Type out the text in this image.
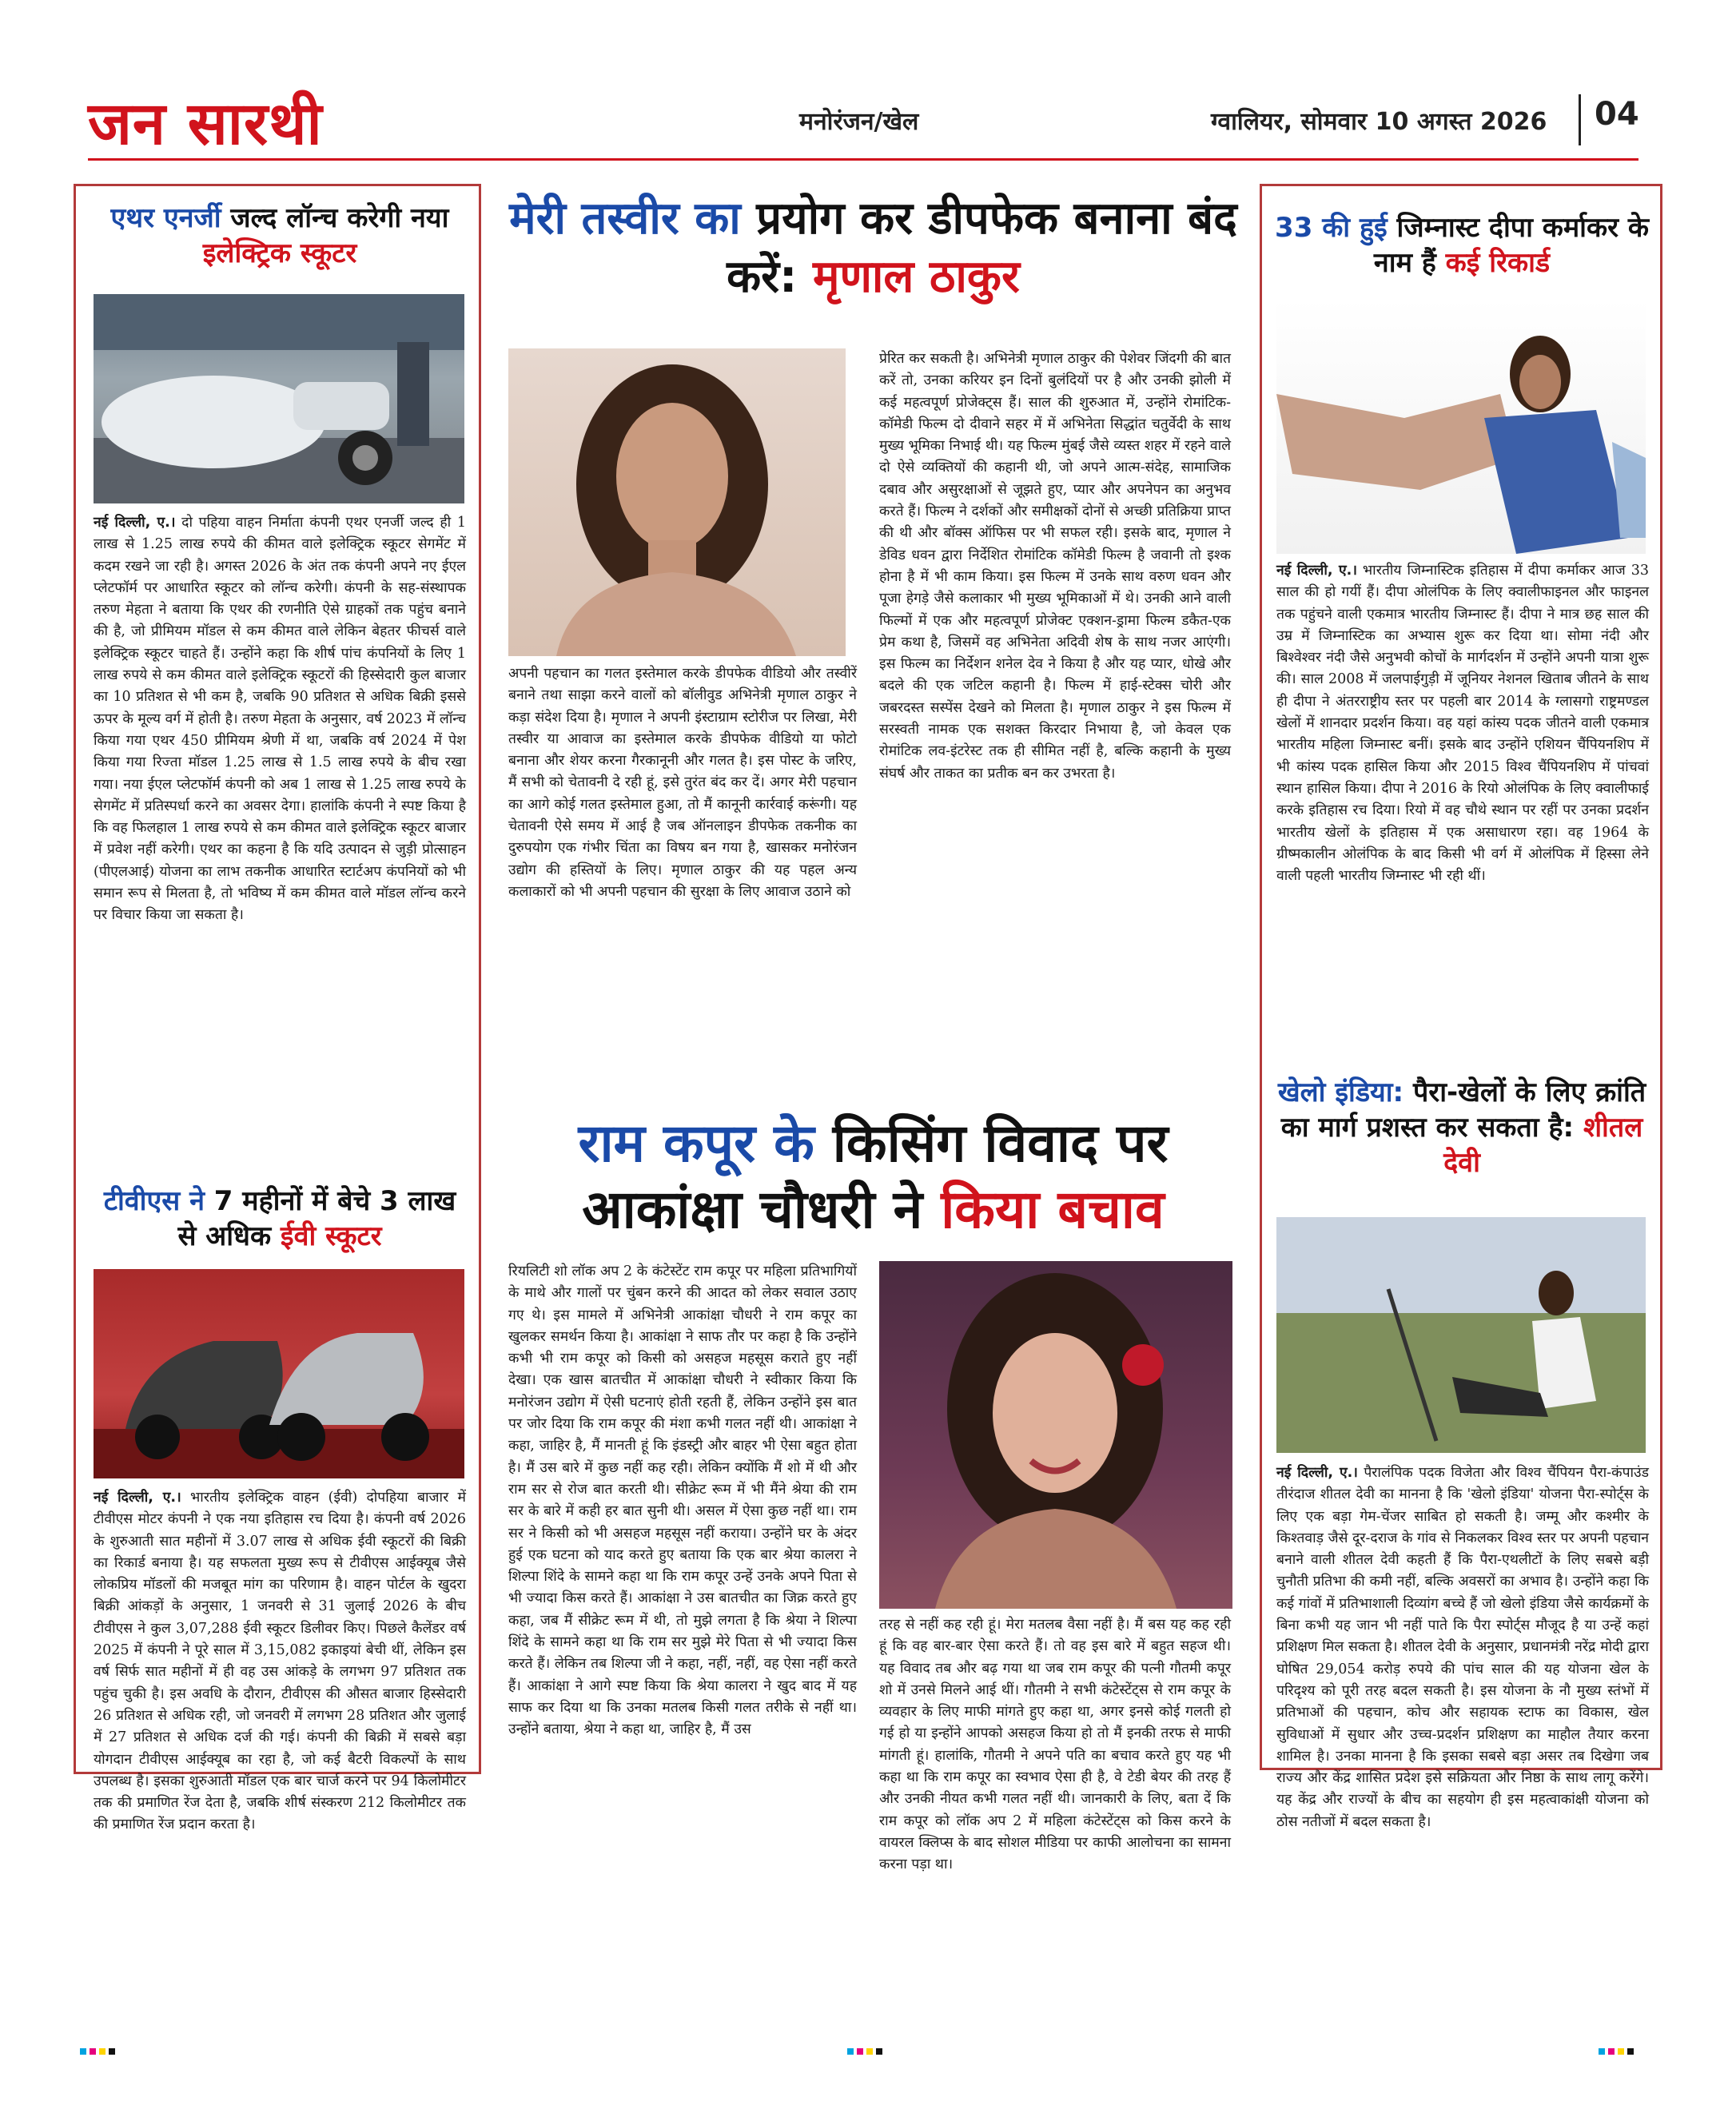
जन सारथी	मनोरंजन/खेल	ग्वालियर, सोमवार 10 अगस्त 2026 04
एथर एनर्जी जल्द लॉन्च करेगी नया इलेक्ट्रिक स्कूटर
नई दिल्ली, ए.। दो पहिया वाहन निर्माता कंपनी एथर एनर्जी जल्द ही 1 लाख से 1.25 लाख रुपये की कीमत वाले इलेक्ट्रिक स्कूटर सेगमेंट में कदम रखने जा रही है। अगस्त 2026 के अंत तक कंपनी अपने नए ईएल प्लेटफॉर्म पर आधारित स्कूटर को लॉन्च करेगी। कंपनी के सह-संस्थापक तरुण मेहता ने बताया कि एथर की रणनीति ऐसे ग्राहकों तक पहुंच बनाने की है, जो प्रीमियम मॉडल से कम कीमत वाले लेकिन बेहतर फीचर्स वाले इलेक्ट्रिक स्कूटर चाहते हैं। उन्होंने कहा कि शीर्ष पांच कंपनियों के लिए 1 लाख रुपये से कम कीमत वाले इलेक्ट्रिक स्कूटरों की हिस्सेदारी कुल बाजार का 10 प्रतिशत से भी कम है, जबकि 90 प्रतिशत से अधिक बिक्री इससे ऊपर के मूल्य वर्ग में होती है। तरुण मेहता के अनुसार, वर्ष 2023 में लॉन्च किया गया एथर 450 प्रीमियम श्रेणी में था, जबकि वर्ष 2024 में पेश किया गया रिज्ता मॉडल 1.25 लाख से 1.5 लाख रुपये के बीच रखा गया। नया ईएल प्लेटफॉर्म कंपनी को अब 1 लाख से 1.25 लाख रुपये के सेगमेंट में प्रतिस्पर्धा करने का अवसर देगा। हालांकि कंपनी ने स्पष्ट किया है कि वह फिलहाल 1 लाख रुपये से कम कीमत वाले इलेक्ट्रिक स्कूटर बाजार में प्रवेश नहीं करेगी। एथर का कहना है कि यदि उत्पादन से जुड़ी प्रोत्साहन (पीएलआई) योजना का लाभ तकनीक आधारित स्टार्टअप कंपनियों को भी समान रूप से मिलता है, तो भविष्य में कम कीमत वाले मॉडल लॉन्च करने पर विचार किया जा सकता है।
टीवीएस ने 7 महीनों में बेचे 3 लाख से अधिक ईवी स्कूटर
नई दिल्ली, ए.। भारतीय इलेक्ट्रिक वाहन (ईवी) दोपहिया बाजार में टीवीएस मोटर कंपनी ने एक नया इतिहास रच दिया है। कंपनी वर्ष 2026 के शुरुआती सात महीनों में 3.07 लाख से अधिक ईवी स्कूटरों की बिक्री का रिकार्ड बनाया है। यह सफलता मुख्य रूप से टीवीएस आईक्यूब जैसे लोकप्रिय मॉडलों की मजबूत मांग का परिणाम है। वाहन पोर्टल के खुदरा बिक्री आंकड़ों के अनुसार, 1 जनवरी से 31 जुलाई 2026 के बीच टीवीएस ने कुल 3,07,288 ईवी स्कूटर डिलीवर किए। पिछले कैलेंडर वर्ष 2025 में कंपनी ने पूरे साल में 3,15,082 इकाइयां बेची थीं, लेकिन इस वर्ष सिर्फ सात महीनों में ही वह उस आंकड़े के लगभग 97 प्रतिशत तक पहुंच चुकी है। इस अवधि के दौरान, टीवीएस की औसत बाजार हिस्सेदारी 26 प्रतिशत से अधिक रही, जो जनवरी में लगभग 28 प्रतिशत और जुलाई में 27 प्रतिशत से अधिक दर्ज की गई। कंपनी की बिक्री में सबसे बड़ा योगदान टीवीएस आईक्यूब का रहा है, जो कई बैटरी विकल्पों के साथ उपलब्ध है। इसका शुरुआती मॉडल एक बार चार्ज करने पर 94 किलोमीटर तक की प्रमाणित रेंज देता है, जबकि शीर्ष संस्करण 212 किलोमीटर तक की प्रमाणित रेंज प्रदान करता है।
मेरी तस्वीर का प्रयोग कर डीपफेक बनाना बंद करें: मृणाल ठाकुर
अपनी पहचान का गलत इस्तेमाल करके डीपफेक वीडियो और तस्वीरें बनाने तथा साझा करने वालों को बॉलीवुड अभिनेत्री मृणाल ठाकुर ने कड़ा संदेश दिया है। मृणाल ने अपनी इंस्टाग्राम स्टोरीज पर लिखा, मेरी तस्वीर या आवाज का इस्तेमाल करके डीपफेक वीडियो या फोटो बनाना और शेयर करना गैरकानूनी और गलत है। इस पोस्ट के जरिए, मैं सभी को चेतावनी दे रही हूं, इसे तुरंत बंद कर दें। अगर मेरी पहचान का आगे कोई गलत इस्तेमाल हुआ, तो मैं कानूनी कार्रवाई करूंगी। यह चेतावनी ऐसे समय में आई है जब ऑनलाइन डीपफेक तकनीक का दुरुपयोग एक गंभीर चिंता का विषय बन गया है, खासकर मनोरंजन उद्योग की हस्तियों के लिए। मृणाल ठाकुर की यह पहल अन्य कलाकारों को भी अपनी पहचान की सुरक्षा के लिए आवाज उठाने को
प्रेरित कर सकती है। अभिनेत्री मृणाल ठाकुर की पेशेवर जिंदगी की बात करें तो, उनका करियर इन दिनों बुलंदियों पर है और उनकी झोली में कई महत्वपूर्ण प्रोजेक्ट्स हैं। साल की शुरुआत में, उन्होंने रोमांटिक-कॉमेडी फिल्म दो दीवाने सहर में में अभिनेता सिद्धांत चतुर्वेदी के साथ मुख्य भूमिका निभाई थी। यह फिल्म मुंबई जैसे व्यस्त शहर में रहने वाले दो ऐसे व्यक्तियों की कहानी थी, जो अपने आत्म-संदेह, सामाजिक दबाव और असुरक्षाओं से जूझते हुए, प्यार और अपनेपन का अनुभव करते हैं। फिल्म ने दर्शकों और समीक्षकों दोनों से अच्छी प्रतिक्रिया प्राप्त की थी और बॉक्स ऑफिस पर भी सफल रही। इसके बाद, मृणाल ने डेविड धवन द्वारा निर्देशित रोमांटिक कॉमेडी फिल्म है जवानी तो इश्क होना है में भी काम किया। इस फिल्म में उनके साथ वरुण धवन और पूजा हेगड़े जैसे कलाकार भी मुख्य भूमिकाओं में थे। उनकी आने वाली फिल्मों में एक और महत्वपूर्ण प्रोजेक्ट एक्शन-ड्रामा फिल्म डकैत-एक प्रेम कथा है, जिसमें वह अभिनेता अदिवी शेष के साथ नजर आएंगी। इस फिल्म का निर्देशन शनेल देव ने किया है और यह प्यार, धोखे और बदले की एक जटिल कहानी है। फिल्म में हाई-स्टेक्स चोरी और जबरदस्त सस्पेंस देखने को मिलता है। मृणाल ठाकुर ने इस फिल्म में सरस्वती नामक एक सशक्त किरदार निभाया है, जो केवल एक रोमांटिक लव-इंटरेस्ट तक ही सीमित नहीं है, बल्कि कहानी के मुख्य संघर्ष और ताकत का प्रतीक बन कर उभरता है।
राम कपूर के किसिंग विवाद पर
आकांक्षा चौधरी ने किया बचाव
रियलिटी शो लॉक अप 2 के कंटेस्टेंट राम कपूर पर महिला प्रतिभागियों के माथे और गालों पर चुंबन करने की आदत को लेकर सवाल उठाए गए थे। इस मामले में अभिनेत्री आकांक्षा चौधरी ने राम कपूर का खुलकर समर्थन किया है। आकांक्षा ने साफ तौर पर कहा है कि उन्होंने कभी भी राम कपूर को किसी को असहज महसूस कराते हुए नहीं देखा। एक खास बातचीत में आकांक्षा चौधरी ने स्वीकार किया कि मनोरंजन उद्योग में ऐसी घटनाएं होती रहती हैं, लेकिन उन्होंने इस बात पर जोर दिया कि राम कपूर की मंशा कभी गलत नहीं थी। आकांक्षा ने कहा, जाहिर है, मैं मानती हूं कि इंडस्ट्री और बाहर भी ऐसा बहुत होता है। मैं उस बारे में कुछ नहीं कह रही। लेकिन क्योंकि मैं शो में थी और राम सर से रोज बात करती थी। सीक्रेट रूम में भी मैंने श्रेया की राम सर के बारे में कही हर बात सुनी थी। असल में ऐसा कुछ नहीं था। राम सर ने किसी को भी असहज महसूस नहीं कराया। उन्होंने घर के अंदर हुई एक घटना को याद करते हुए बताया कि एक बार श्रेया कालरा ने शिल्पा शिंदे के सामने कहा था कि राम कपूर उन्हें उनके अपने पिता से भी ज्यादा किस करते हैं। आकांक्षा ने उस बातचीत का जिक्र करते हुए कहा, जब मैं सीक्रेट रूम में थी, तो मुझे लगता है कि श्रेया ने शिल्पा शिंदे के सामने कहा था कि राम सर मुझे मेरे पिता से भी ज्यादा किस करते हैं। लेकिन तब शिल्पा जी ने कहा, नहीं, नहीं, वह ऐसा नहीं करते हैं। आकांक्षा ने आगे स्पष्ट किया कि श्रेया कालरा ने खुद बाद में यह साफ कर दिया था कि उनका मतलब किसी गलत तरीके से नहीं था। उन्होंने बताया, श्रेया ने कहा था, जाहिर है, मैं उस
तरह से नहीं कह रही हूं। मेरा मतलब वैसा नहीं है। मैं बस यह कह रही हूं कि वह बार-बार ऐसा करते हैं। तो वह इस बारे में बहुत सहज थी। यह विवाद तब और बढ़ गया था जब राम कपूर की पत्नी गौतमी कपूर शो में उनसे मिलने आई थीं। गौतमी ने सभी कंटेस्टेंट्स से राम कपूर के व्यवहार के लिए माफी मांगते हुए कहा था, अगर इनसे कोई गलती हो गई हो या इन्होंने आपको असहज किया हो तो मैं इनकी तरफ से माफी मांगती हूं। हालांकि, गौतमी ने अपने पति का बचाव करते हुए यह भी कहा था कि राम कपूर का स्वभाव ऐसा ही है, वे टेडी बेयर की तरह हैं और उनकी नीयत कभी गलत नहीं थी। जानकारी के लिए, बता दें कि राम कपूर को लॉक अप 2 में महिला कंटेस्टेंट्स को किस करने के वायरल क्लिप्स के बाद सोशल मीडिया पर काफी आलोचना का सामना करना पड़ा था।
33 की हुई जिम्नास्ट दीपा कर्माकर के नाम हैं कई रिकार्ड
नई दिल्ली, ए.। भारतीय जिम्नास्टिक इतिहास में दीपा कर्माकर आज 33 साल की हो गयीं हैं। दीपा ओलंपिक के लिए क्वालीफाइनल और फाइनल तक पहुंचने वाली एकमात्र भारतीय जिम्नास्ट हैं। दीपा ने मात्र छह साल की उम्र में जिम्नास्टिक का अभ्यास शुरू कर दिया था। सोमा नंदी और बिश्वेश्वर नंदी जैसे अनुभवी कोचों के मार्गदर्शन में उन्होंने अपनी यात्रा शुरू की। साल 2008 में जलपाईगुड़ी में जूनियर नेशनल खिताब जीतने के साथ ही दीपा ने अंतरराष्ट्रीय स्तर पर पहली बार 2014 के ग्लासगो राष्ट्रमण्डल खेलों में शानदार प्रदर्शन किया। वह यहां कांस्य पदक जीतने वाली एकमात्र भारतीय महिला जिम्नास्ट बनीं। इसके बाद उन्होंने एशियन चैंपियनशिप में भी कांस्य पदक हासिल किया और 2015 विश्व चैंपियनशिप में पांचवां स्थान हासिल किया। दीपा ने 2016 के रियो ओलंपिक के लिए क्वालीफाई करके इतिहास रच दिया। रियो में वह चौथे स्थान पर रहीं पर उनका प्रदर्शन भारतीय खेलों के इतिहास में एक असाधारण रहा। वह 1964 के ग्रीष्मकालीन ओलंपिक के बाद किसी भी वर्ग में ओलंपिक में हिस्सा लेने वाली पहली भारतीय जिम्नास्ट भी रही थीं।
खेलो इंडिया: पैरा-खेलों के लिए क्रांति का मार्ग प्रशस्त कर सकता है: शीतल देवी
नई दिल्ली, ए.। पैरालंपिक पदक विजेता और विश्व चैंपियन पैरा-कंपाउंड तीरंदाज शीतल देवी का मानना है कि 'खेलो इंडिया' योजना पैरा-स्पोर्ट्स के लिए एक बड़ा गेम-चेंजर साबित हो सकती है। जम्मू और कश्मीर के किश्तवाड़ जैसे दूर-दराज के गांव से निकलकर विश्व स्तर पर अपनी पहचान बनाने वाली शीतल देवी कहती हैं कि पैरा-एथलीटों के लिए सबसे बड़ी चुनौती प्रतिभा की कमी नहीं, बल्कि अवसरों का अभाव है। उन्होंने कहा कि कई गांवों में प्रतिभाशाली दिव्यांग बच्चे हैं जो खेलो इंडिया जैसे कार्यक्रमों के बिना कभी यह जान भी नहीं पाते कि पैरा स्पोर्ट्स मौजूद है या उन्हें कहां प्रशिक्षण मिल सकता है। शीतल देवी के अनुसार, प्रधानमंत्री नरेंद्र मोदी द्वारा घोषित 29,054 करोड़ रुपये की पांच साल की यह योजना खेल के परिदृश्य को पूरी तरह बदल सकती है। इस योजना के नौ मुख्य स्तंभों में प्रतिभाओं की पहचान, कोच और सहायक स्टाफ का विकास, खेल सुविधाओं में सुधार और उच्च-प्रदर्शन प्रशिक्षण का माहौल तैयार करना शामिल है। उनका मानना है कि इसका सबसे बड़ा असर तब दिखेगा जब राज्य और केंद्र शासित प्रदेश इसे सक्रियता और निष्ठा के साथ लागू करेंगे। यह केंद्र और राज्यों के बीच का सहयोग ही इस महत्वाकांक्षी योजना को ठोस नतीजों में बदल सकता है।
